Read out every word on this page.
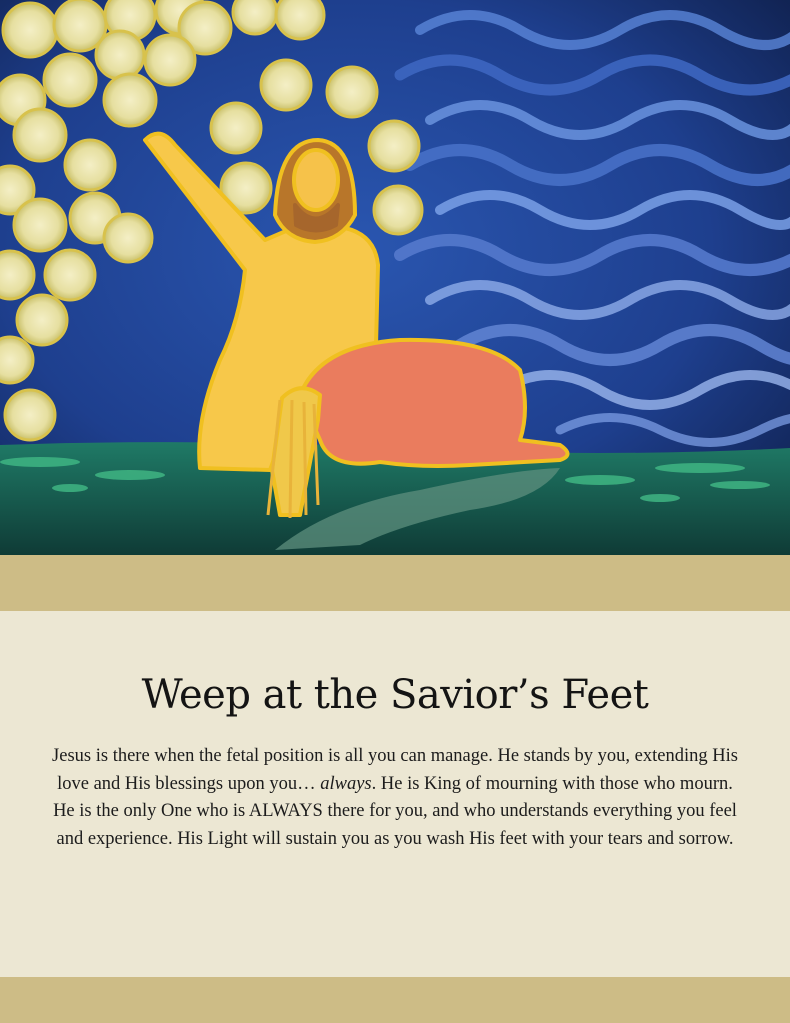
Weep at the Savior’s Feet

Jesus is there when the fetal position is all you can manage. He stands by you, extending His love and His blessings upon you… always. He is King of mourning with those who mourn. He is the only One who is ALWAYS there for you, and who understands everything you feel and experience. His Light will sustain you as you wash His feet with your tears and sorrow.
